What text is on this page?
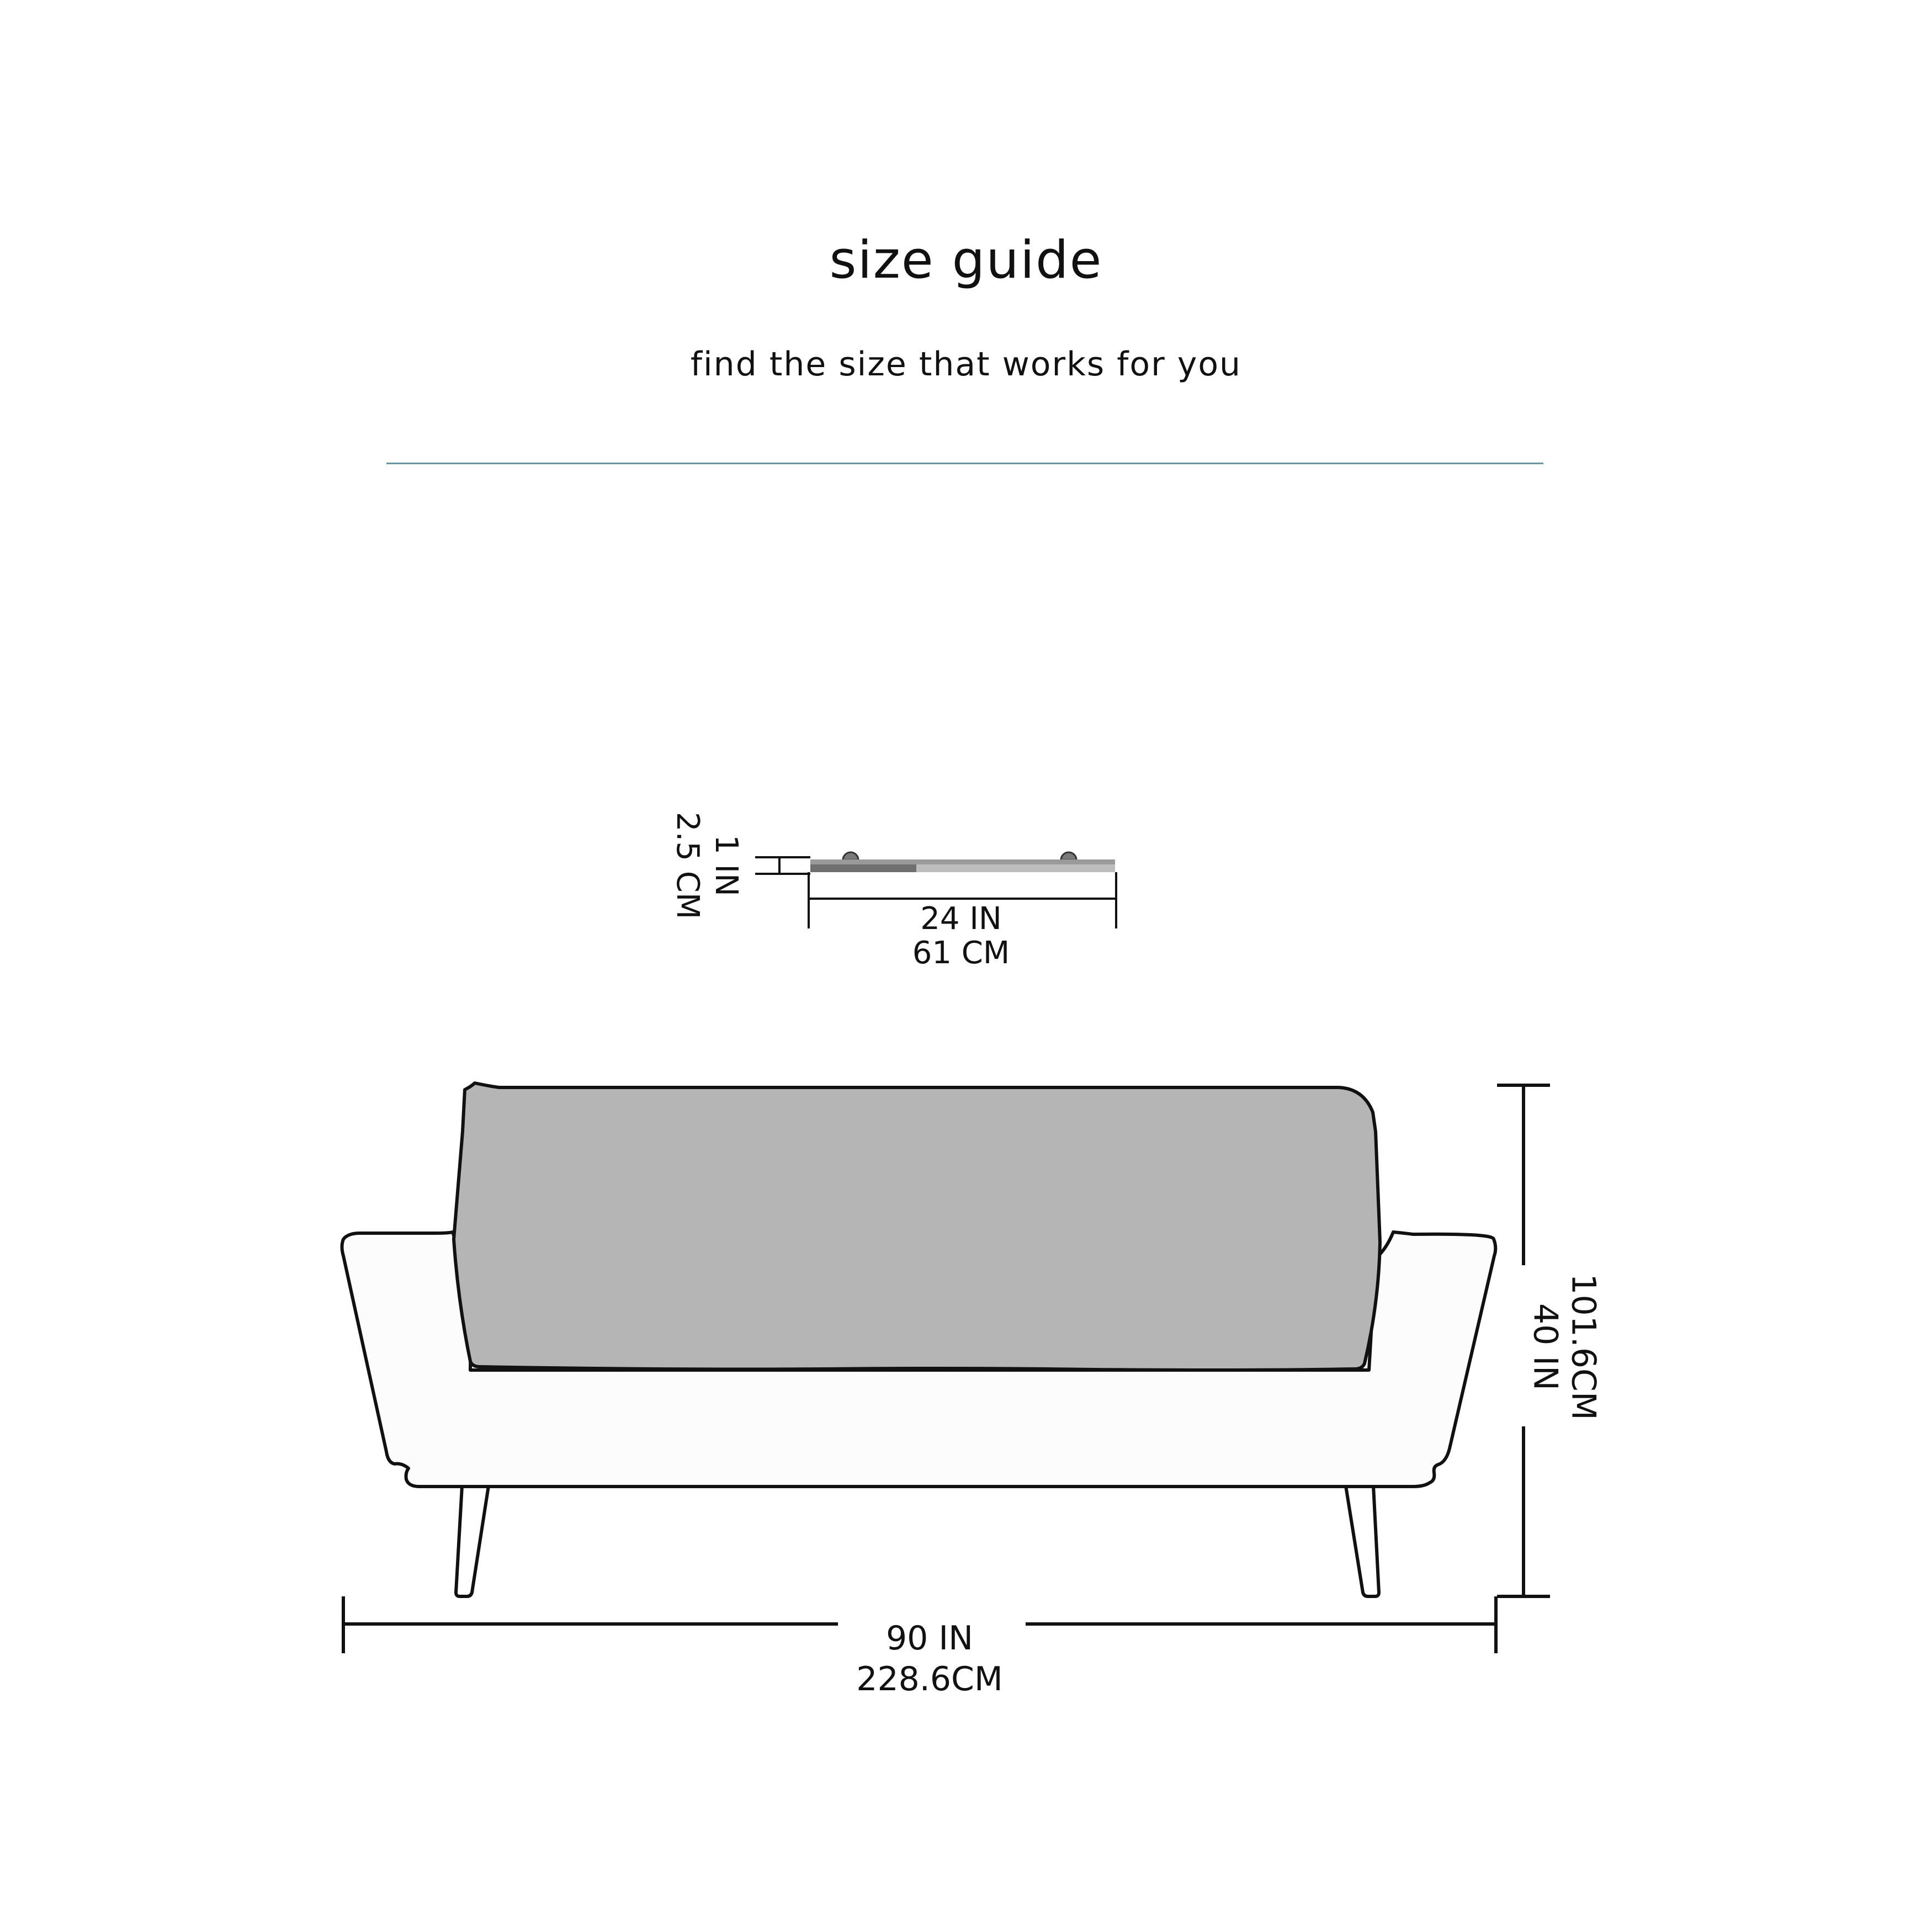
size guide

find the size that works for you

1 IN
2.5 CM	24 IN
61 CM
90 IN
228.6CM
40 IN 101.6CM
